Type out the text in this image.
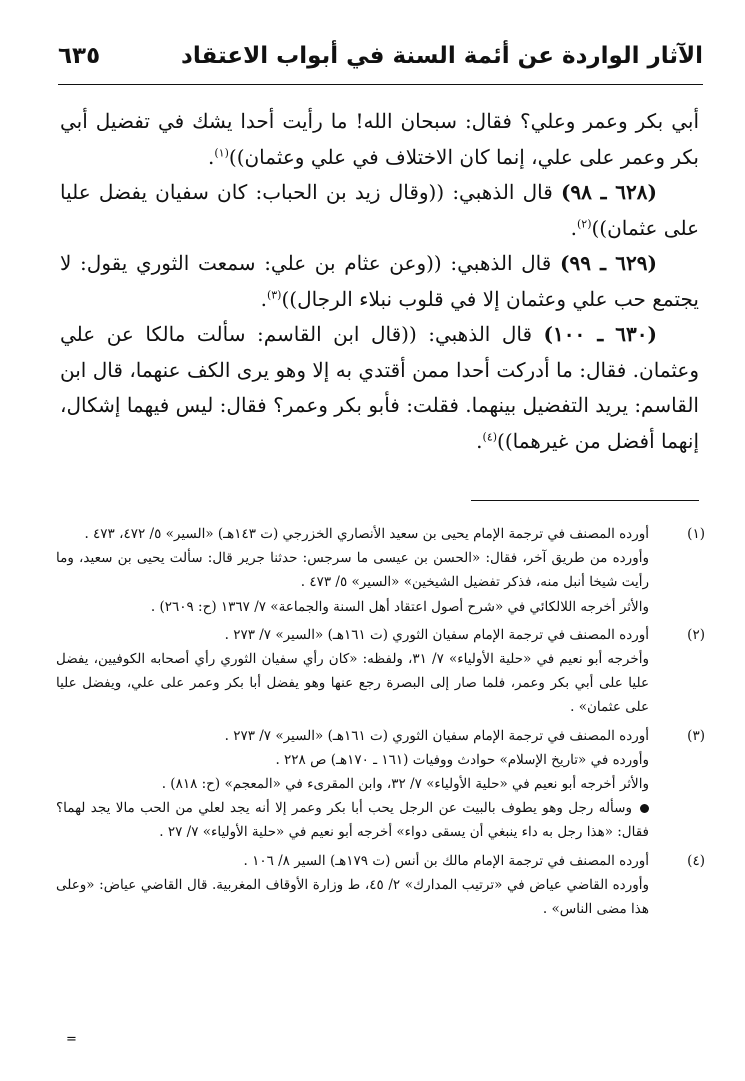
الآثار الواردة عن أئمة السنة في أبواب الاعتقاد
٦٣٥

أبي بكر وعمر وعلي؟ فقال: سبحان الله! ما رأيت أحدا يشك في تفضيل أبي بكر وعمر على علي، إنما كان الاختلاف في علي وعثمان))$^{(١)}$.

(٦٢٨ ـ ٩٨) قال الذهبي: ((وقال زيد بن الحباب: كان سفيان يفضل عليا على عثمان))$^{(٢)}$.

(٦٢٩ ـ ٩٩) قال الذهبي: ((وعن عثام بن علي: سمعت الثوري يقول: لا يجتمع حب علي وعثمان إلا في قلوب نبلاء الرجال))$^{(٣)}$.

(٦٣٠ ـ ١٠٠) قال الذهبي: ((قال ابن القاسم: سألت مالكا عن علي وعثمان. فقال: ما أدركت أحدا ممن أقتدي به إلا وهو يرى الكف عنهما، قال ابن القاسم: يريد التفضيل بينهما. فقلت: فأبو بكر وعمر؟ فقال: ليس فيهما إشكال، إنهما أفضل من غيرهما))$^{(٤)}$.

(١)

أورده المصنف في ترجمة الإمام يحيى بن سعيد الأنصاري الخزرجي (ت ١٤٣هـ) «السير» ٥/ ٤٧٢، ٤٧٣ .

وأورده من طريق آخر، فقال: «الحسن بن عيسى ما سرجس: حدثنا جرير قال: سألت يحيى بن سعيد، وما رأيت شيخا أنبل منه، فذكر تفضيل الشيخين» «السير» ٥/ ٤٧٣ .

والأثر أخرجه اللالكائي في «شرح أصول اعتقاد أهل السنة والجماعة» ٧/ ١٣٦٧ (ح: ٢٦٠٩) .

(٢)

أورده المصنف في ترجمة الإمام سفيان الثوري (ت ١٦١هـ) «السير» ٧/ ٢٧٣ .

وأخرجه أبو نعيم في «حلية الأولياء» ٧/ ٣١، ولفظه: «كان رأي سفيان الثوري رأي أصحابه الكوفيين، يفضل عليا على أبي بكر وعمر، فلما صار إلى البصرة رجع عنها وهو يفضل أبا بكر وعمر على علي، ويفضل عليا على عثمان» .

(٣)

أورده المصنف في ترجمة الإمام سفيان الثوري (ت ١٦١هـ) «السير» ٧/ ٢٧٣ .

وأورده في «تاريخ الإسلام» حوادث ووفيات (١٦١ ـ ١٧٠هـ) ص ٢٢٨ .

والأثر أخرجه أبو نعيم في «حلية الأولياء» ٧/ ٣٢، وابن المقرىء في «المعجم» (ح: ٨١٨) .

وسأله رجل وهو يطوف بالبيت عن الرجل يحب أبا بكر وعمر إلا أنه يجد لعلي من الحب مالا يجد لهما؟ فقال: «هذا رجل به داء ينبغي أن يسقى دواء» أخرجه أبو نعيم في «حلية الأولياء» ٧/ ٢٧ .

(٤)

أورده المصنف في ترجمة الإمام مالك بن أنس (ت ١٧٩هـ) السير ٨/ ١٠٦ .

وأورده القاضي عياض في «ترتيب المدارك» ٢/ ٤٥، ط وزارة الأوقاف المغربية. قال القاضي عياض: «وعلى هذا مضى الناس» .

=
